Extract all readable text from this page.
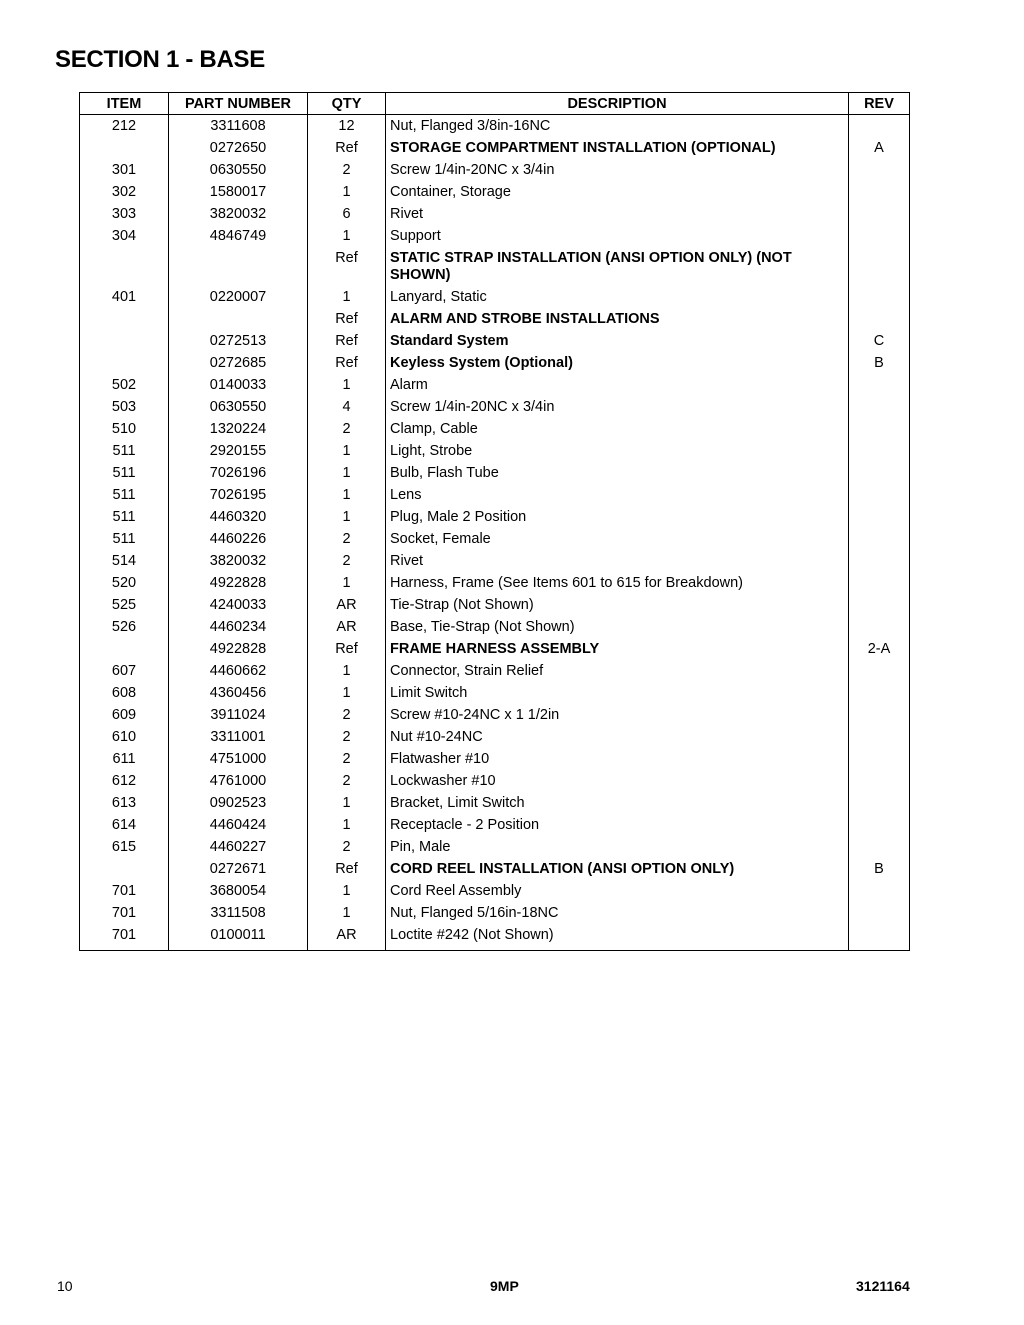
SECTION 1 - BASE
ITEM	PART NUMBER	QTY	DESCRIPTION	REV
212	3311608	12	Nut, Flanged 3/8in-16NC	
	0272650	Ref	STORAGE COMPARTMENT INSTALLATION (OPTIONAL)	A
301	0630550	2	Screw 1/4in-20NC x 3/4in	
302	1580017	1	Container, Storage	
303	3820032	6	Rivet	
304	4846749	1	Support	
		Ref	STATIC STRAP INSTALLATION (ANSI OPTION ONLY) (NOT SHOWN)	
401	0220007	1	Lanyard, Static	
		Ref	ALARM AND STROBE INSTALLATIONS	
	0272513	Ref	Standard System	C
	0272685	Ref	Keyless System (Optional)	B
502	0140033	1	Alarm	
503	0630550	4	Screw 1/4in-20NC x 3/4in	
510	1320224	2	Clamp, Cable	
511	2920155	1	Light, Strobe	
511	7026196	1	Bulb, Flash Tube	
511	7026195	1	Lens	
511	4460320	1	Plug, Male 2 Position	
511	4460226	2	Socket, Female	
514	3820032	2	Rivet	
520	4922828	1	Harness, Frame (See Items 601 to 615 for Breakdown)	
525	4240033	AR	Tie-Strap (Not Shown)	
526	4460234	AR	Base, Tie-Strap (Not Shown)	
	4922828	Ref	FRAME HARNESS ASSEMBLY	2-A
607	4460662	1	Connector, Strain Relief	
608	4360456	1	Limit Switch	
609	3911024	2	Screw #10-24NC x 1 1/2in	
610	3311001	2	Nut #10-24NC	
611	4751000	2	Flatwasher #10	
612	4761000	2	Lockwasher #10	
613	0902523	1	Bracket, Limit Switch	
614	4460424	1	Receptacle - 2 Position	
615	4460227	2	Pin, Male	
	0272671	Ref	CORD REEL INSTALLATION (ANSI OPTION ONLY)	B
701	3680054	1	Cord Reel Assembly	
701	3311508	1	Nut, Flanged 5/16in-18NC	
701	0100011	AR	Loctite #242 (Not Shown)	
10	9MP	3121164
